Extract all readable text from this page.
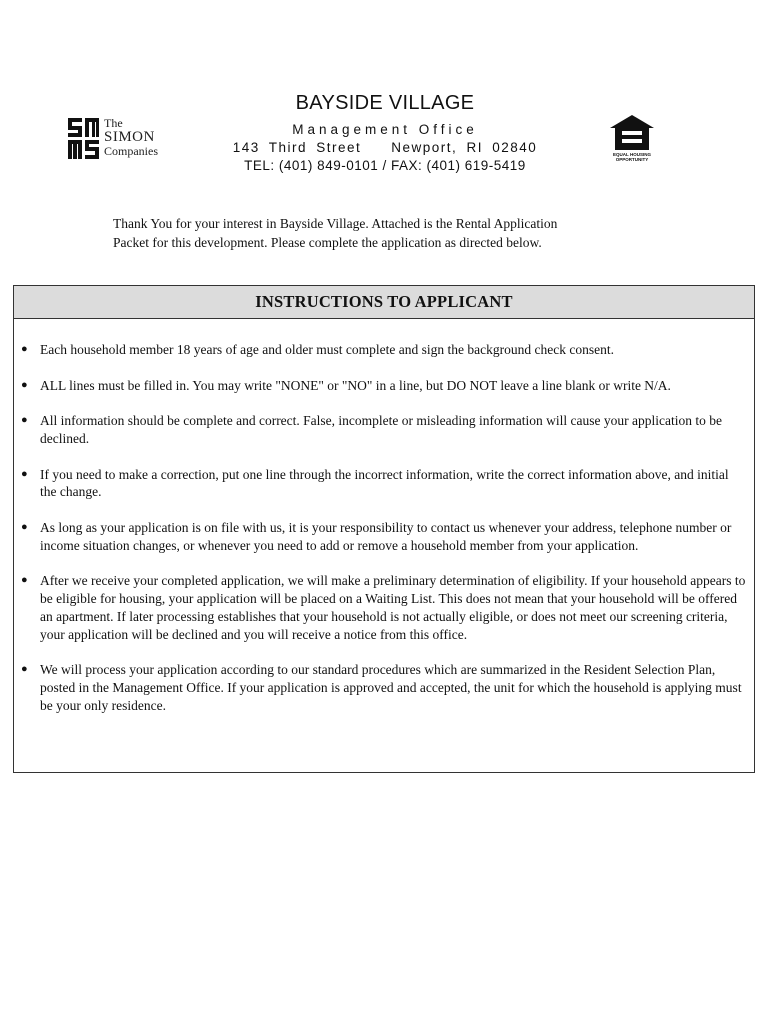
The
SIMON
Companies	EQUAL HOUSING
OPPORTUNITY
BAYSIDE VILLAGE
Management Office
143 Third Street Newport, RI 02840
TEL: (401) 849-0101 / FAX: (401) 619-5419
Thank You for your interest in Bayside Village. Attached is the Rental Application
Packet for this development. Please complete the application as directed below.
INSTRUCTIONS TO APPLICANT
● Each household member 18 years of age and older must complete and sign the background check consent.
● ALL lines must be filled in. You may write "NONE" or "NO" in a line, but DO NOT leave a line blank or write N/A.
● All information should be complete and correct. False, incomplete or misleading information will cause your application to be declined.
● If you need to make a correction, put one line through the incorrect information, write the correct information above, and initial the change.
● As long as your application is on file with us, it is your responsibility to contact us whenever your address, telephone number or income situation changes, or whenever you need to add or remove a household member from your application.
● After we receive your completed application, we will make a preliminary determination of eligibility. If your household appears to be eligible for housing, your application will be placed on a Waiting List. This does not mean that your household will be offered an apartment. If later processing establishes that your household is not actually eligible, or does not meet our screening criteria, your application will be declined and you will receive a notice from this office.
● We will process your application according to our standard procedures which are summarized in the Resident Selection Plan, posted in the Management Office. If your application is approved and accepted, the unit for which the household is applying must be your only residence.
